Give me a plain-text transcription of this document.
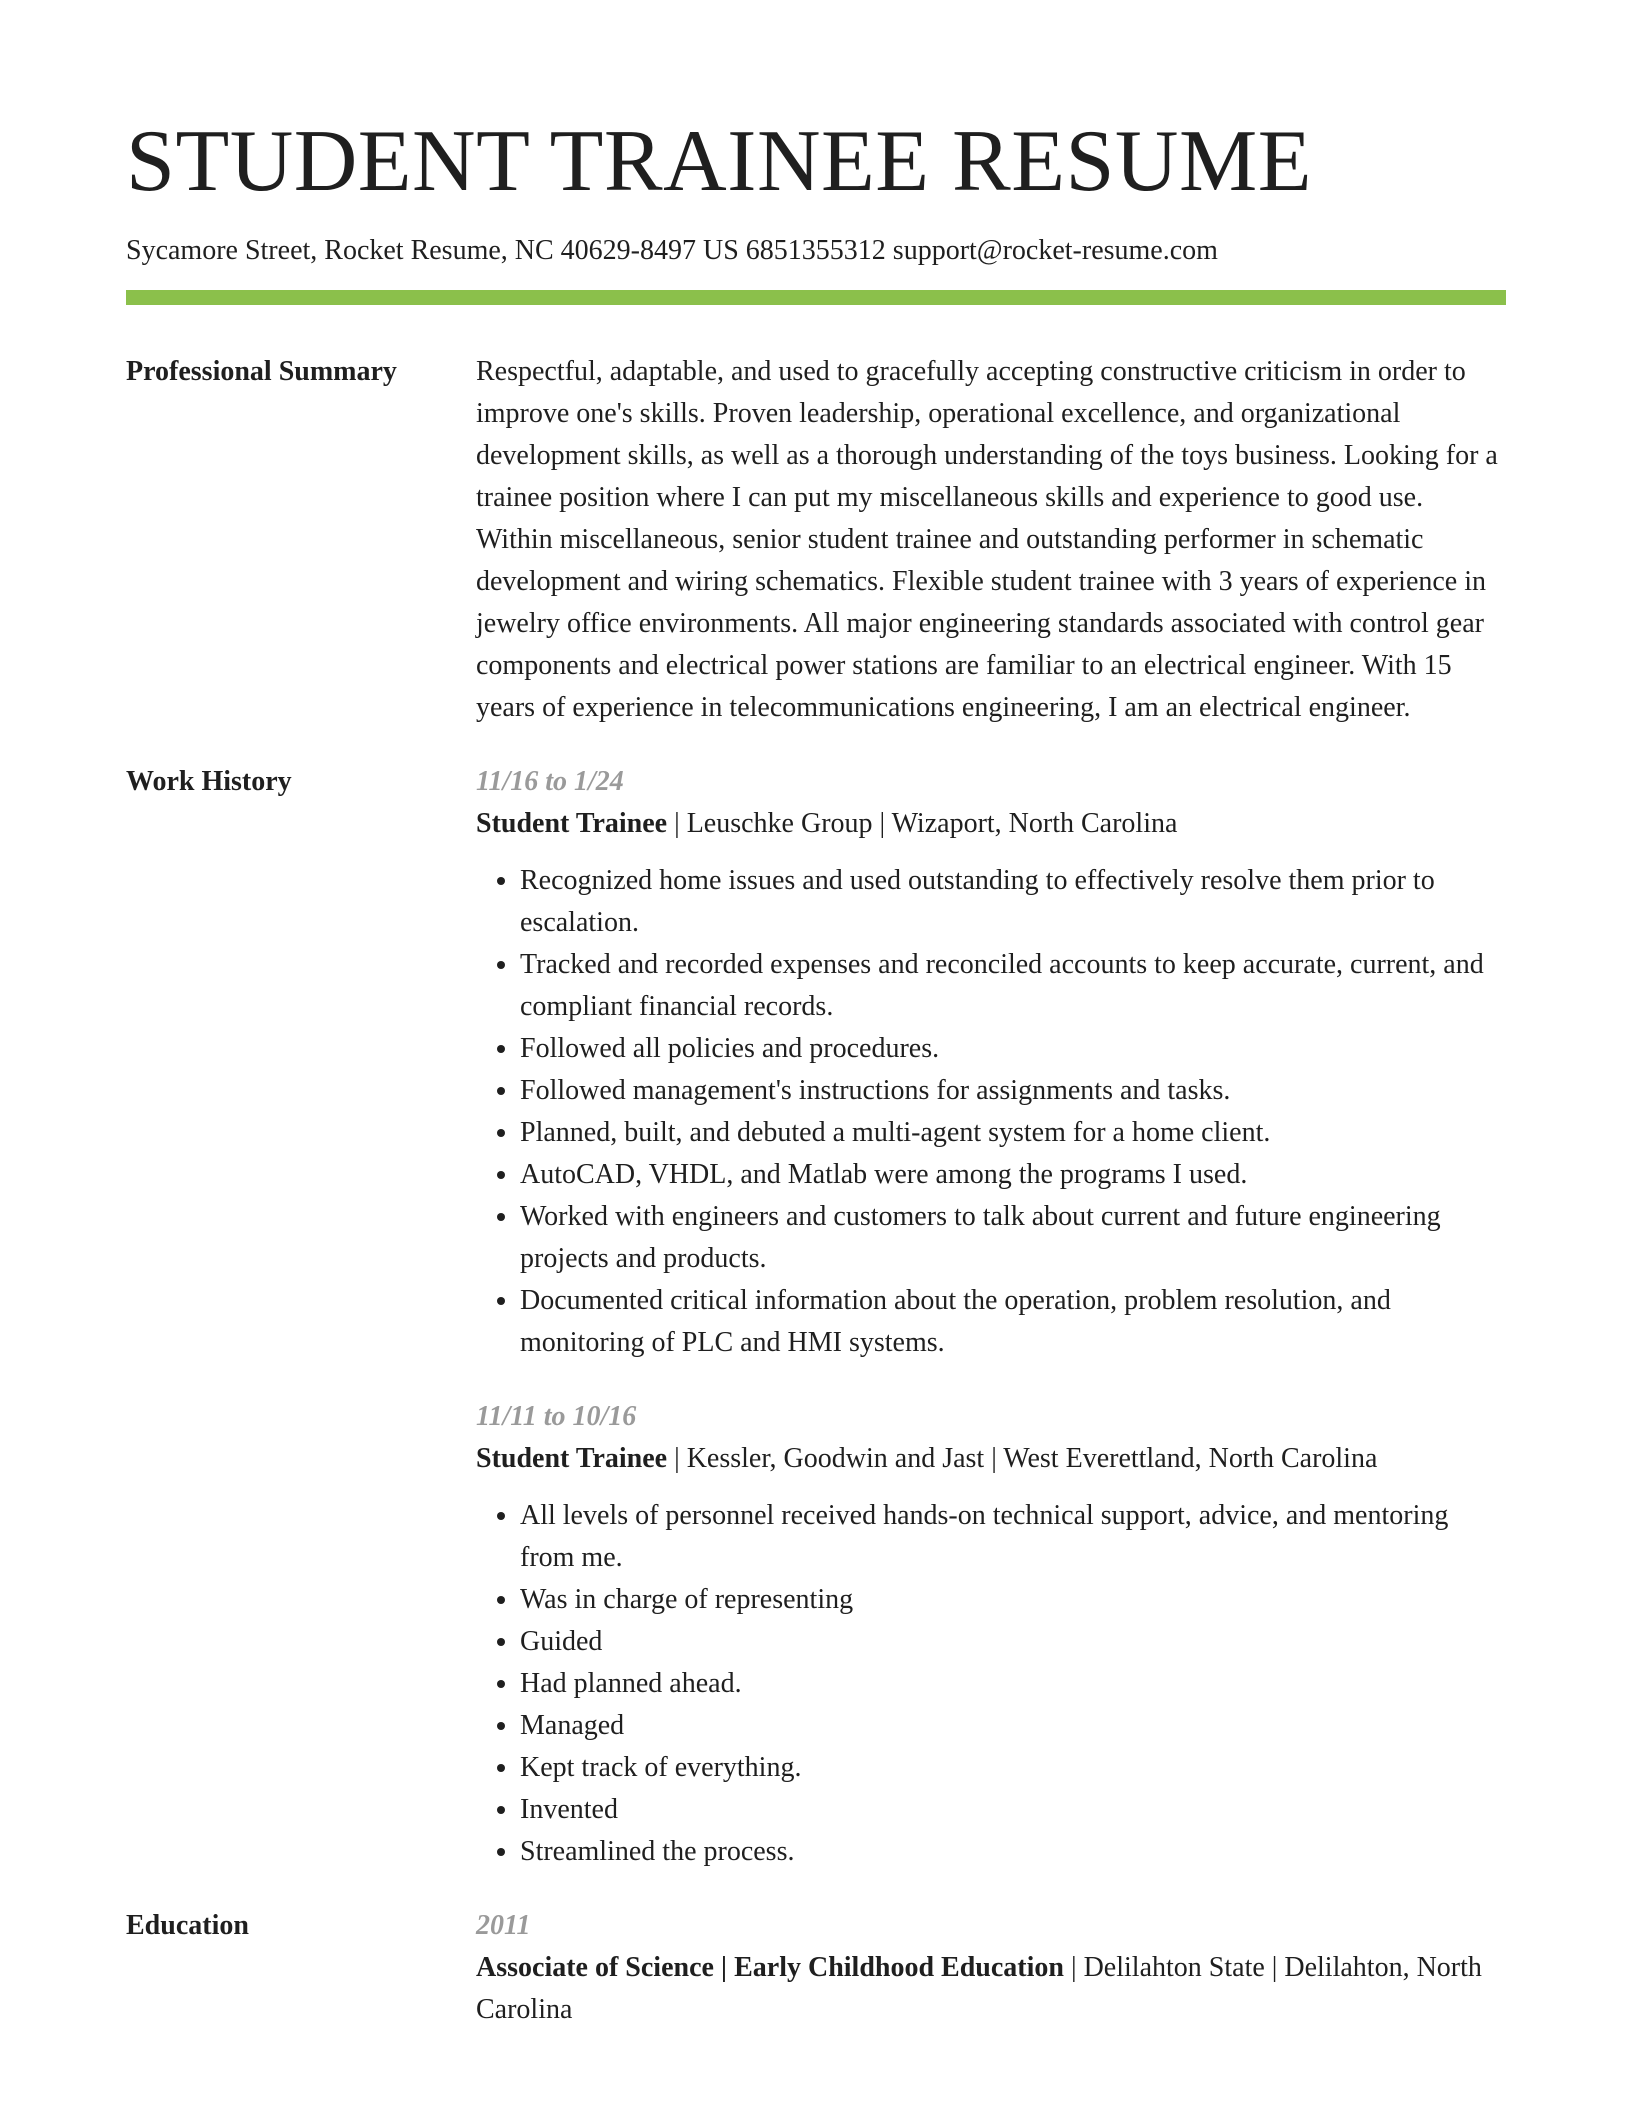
STUDENT TRAINEE RESUME
Sycamore Street, Rocket Resume, NC 40629-8497 US 6851355312 support@rocket-resume.com
Professional Summary	Respectful, adaptable, and used to gracefully accepting constructive criticism in order to improve one's skills. Proven leadership, operational excellence, and organizational development skills, as well as a thorough understanding of the toys business. Looking for a trainee position where I can put my miscellaneous skills and experience to good use. Within miscellaneous, senior student trainee and outstanding performer in schematic development and wiring schematics. Flexible student trainee with 3 years of experience in jewelry office environments. All major engineering standards associated with control gear components and electrical power stations are familiar to an electrical engineer. With 15 years of experience in telecommunications engineering, I am an electrical engineer.
Work History	11/16 to 1/24
Student Trainee | Leuschke Group | Wizaport, North Carolina
• Recognized home issues and used outstanding to effectively resolve them prior to escalation.
• Tracked and recorded expenses and reconciled accounts to keep accurate, current, and compliant financial records.
• Followed all policies and procedures.
• Followed management's instructions for assignments and tasks.
• Planned, built, and debuted a multi-agent system for a home client.
• AutoCAD, VHDL, and Matlab were among the programs I used.
• Worked with engineers and customers to talk about current and future engineering projects and products.
• Documented critical information about the operation, problem resolution, and monitoring of PLC and HMI systems.
11/11 to 10/16
Student Trainee | Kessler, Goodwin and Jast | West Everettland, North Carolina
• All levels of personnel received hands-on technical support, advice, and mentoring from me.
• Was in charge of representing
• Guided
• Had planned ahead.
• Managed
• Kept track of everything.
• Invented
• Streamlined the process.
Education	2011
Associate of Science | Early Childhood Education | Delilahton State | Delilahton, North Carolina
